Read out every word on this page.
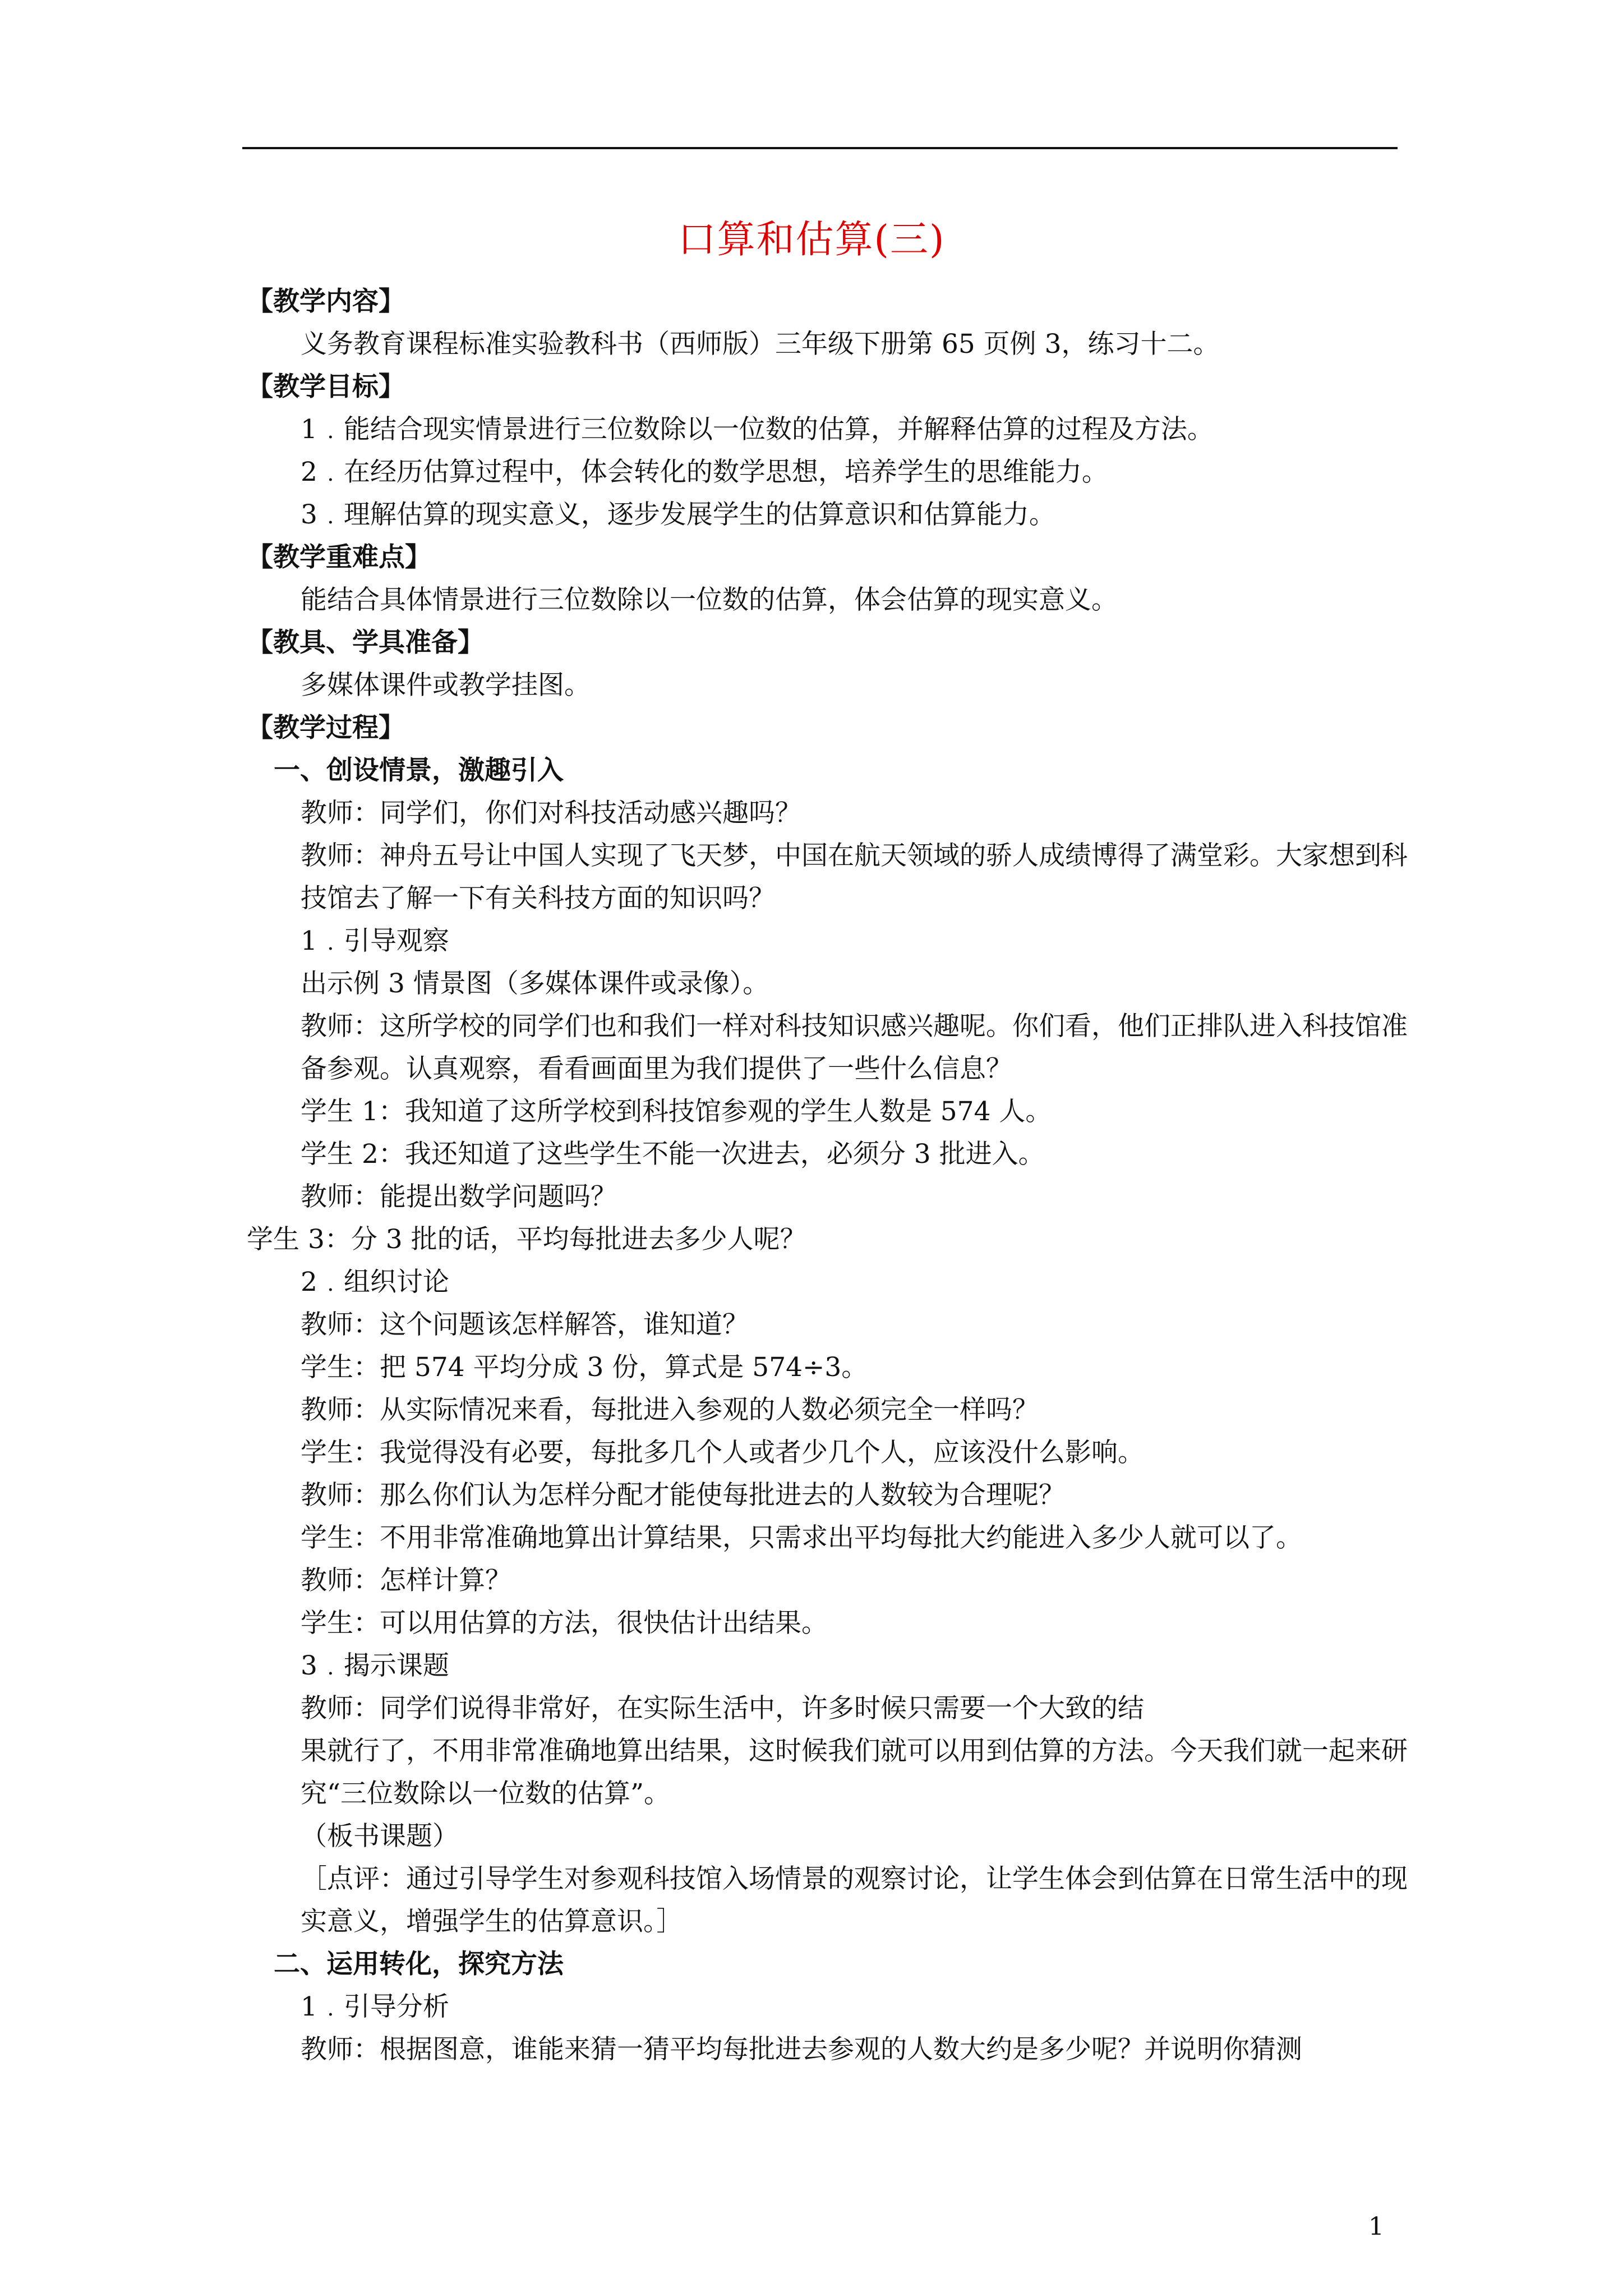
口算和估算(三)
【教学内容】
义务教育课程标准实验教科书（西师版）三年级下册第 65 页例 3，练习十二。
【教学目标】
1﹒能结合现实情景进行三位数除以一位数的估算，并解释估算的过程及方法。
2﹒在经历估算过程中，体会转化的数学思想，培养学生的思维能力。
3﹒理解估算的现实意义，逐步发展学生的估算意识和估算能力。
【教学重难点】
能结合具体情景进行三位数除以一位数的估算，体会估算的现实意义。
【教具、学具准备】
多媒体课件或教学挂图。
【教学过程】
一、创设情景，激趣引入
教师：同学们，你们对科技活动感兴趣吗？
教师：神舟五号让中国人实现了飞天梦，中国在航天领域的骄人成绩博得了满堂彩。大家想到科技馆去了解一下有关科技方面的知识吗？
1﹒引导观察
出示例 3 情景图（多媒体课件或录像）。
教师：这所学校的同学们也和我们一样对科技知识感兴趣呢。你们看，他们正排队进入科技馆准备参观。认真观察，看看画面里为我们提供了一些什么信息？
学生 1：我知道了这所学校到科技馆参观的学生人数是 574 人。
学生 2：我还知道了这些学生不能一次进去，必须分 3 批进入。
教师：能提出数学问题吗？
学生 3：分 3 批的话，平均每批进去多少人呢？
2﹒组织讨论
教师：这个问题该怎样解答，谁知道？
学生：把 574 平均分成 3 份，算式是 574÷3。
教师：从实际情况来看，每批进入参观的人数必须完全一样吗？
学生：我觉得没有必要，每批多几个人或者少几个人，应该没什么影响。
教师：那么你们认为怎样分配才能使每批进去的人数较为合理呢？
学生：不用非常准确地算出计算结果，只需求出平均每批大约能进入多少人就可以了。
教师：怎样计算？
学生：可以用估算的方法，很快估计出结果。
3﹒揭示课题
教师：同学们说得非常好，在实际生活中，许多时候只需要一个大致的结
果就行了，不用非常准确地算出结果，这时候我们就可以用到估算的方法。今天我们就一起来研究“三位数除以一位数的估算”。
（板书课题）
［点评：通过引导学生对参观科技馆入场情景的观察讨论，让学生体会到估算在日常生活中的现实意义，增强学生的估算意识。］
二、运用转化，探究方法
1﹒引导分析
教师：根据图意，谁能来猜一猜平均每批进去参观的人数大约是多少呢？并说明你猜测
1
